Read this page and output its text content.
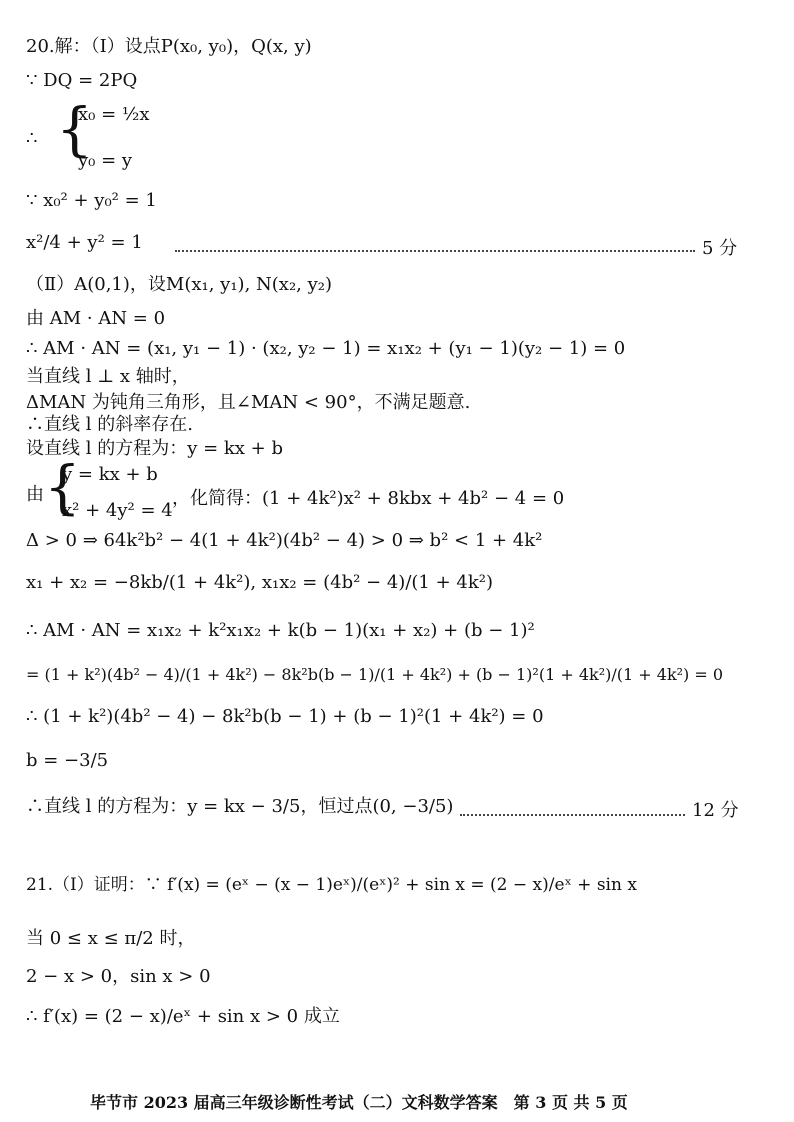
20.解：（Ⅰ）设点P(x₀, y₀)，Q(x, y)
∵ DQ = 2PQ
∴ {
x₀ = ½x
y₀ = y
∵ x₀² + y₀² = 1
x²/4 + y² = 1	5 分
（Ⅱ）A(0,1)，设M(x₁, y₁), N(x₂, y₂)
由 AM · AN = 0
∴ AM · AN = (x₁, y₁ − 1) · (x₂, y₂ − 1) = x₁x₂ + (y₁ − 1)(y₂ − 1) = 0
当直线 l ⊥ x 轴时，
ΔMAN 为钝角三角形，且∠MAN < 90°，不满足题意.
∴直线 l 的斜率存在.
设直线 l 的方程为：y = kx + b
由 {
y = kx + b
x² + 4y² = 4
，化简得：(1 + 4k²)x² + 8kbx + 4b² − 4 = 0
Δ > 0 ⇒ 64k²b² − 4(1 + 4k²)(4b² − 4) > 0 ⇒ b² < 1 + 4k²
x₁ + x₂ = −8kb/(1 + 4k²), x₁x₂ = (4b² − 4)/(1 + 4k²)
∴ AM · AN = x₁x₂ + k²x₁x₂ + k(b − 1)(x₁ + x₂) + (b − 1)²
= (1 + k²)(4b² − 4)/(1 + 4k²) − 8k²b(b − 1)/(1 + 4k²) + (b − 1)²(1 + 4k²)/(1 + 4k²) = 0
∴ (1 + k²)(4b² − 4) − 8k²b(b − 1) + (b − 1)²(1 + 4k²) = 0
b = −3/5
∴直线 l 的方程为：y = kx − 3/5，恒过点(0, −3/5)	12 分
21.（Ⅰ）证明：∵ f′(x) = (eˣ − (x − 1)eˣ)/(eˣ)² + sin x = (2 − x)/eˣ + sin x
当 0 ≤ x ≤ π/2 时，
2 − x > 0，sin x > 0
∴ f′(x) = (2 − x)/eˣ + sin x > 0 成立
毕节市 2023 届高三年级诊断性考试（二）文科数学答案　第 3 页 共 5 页
